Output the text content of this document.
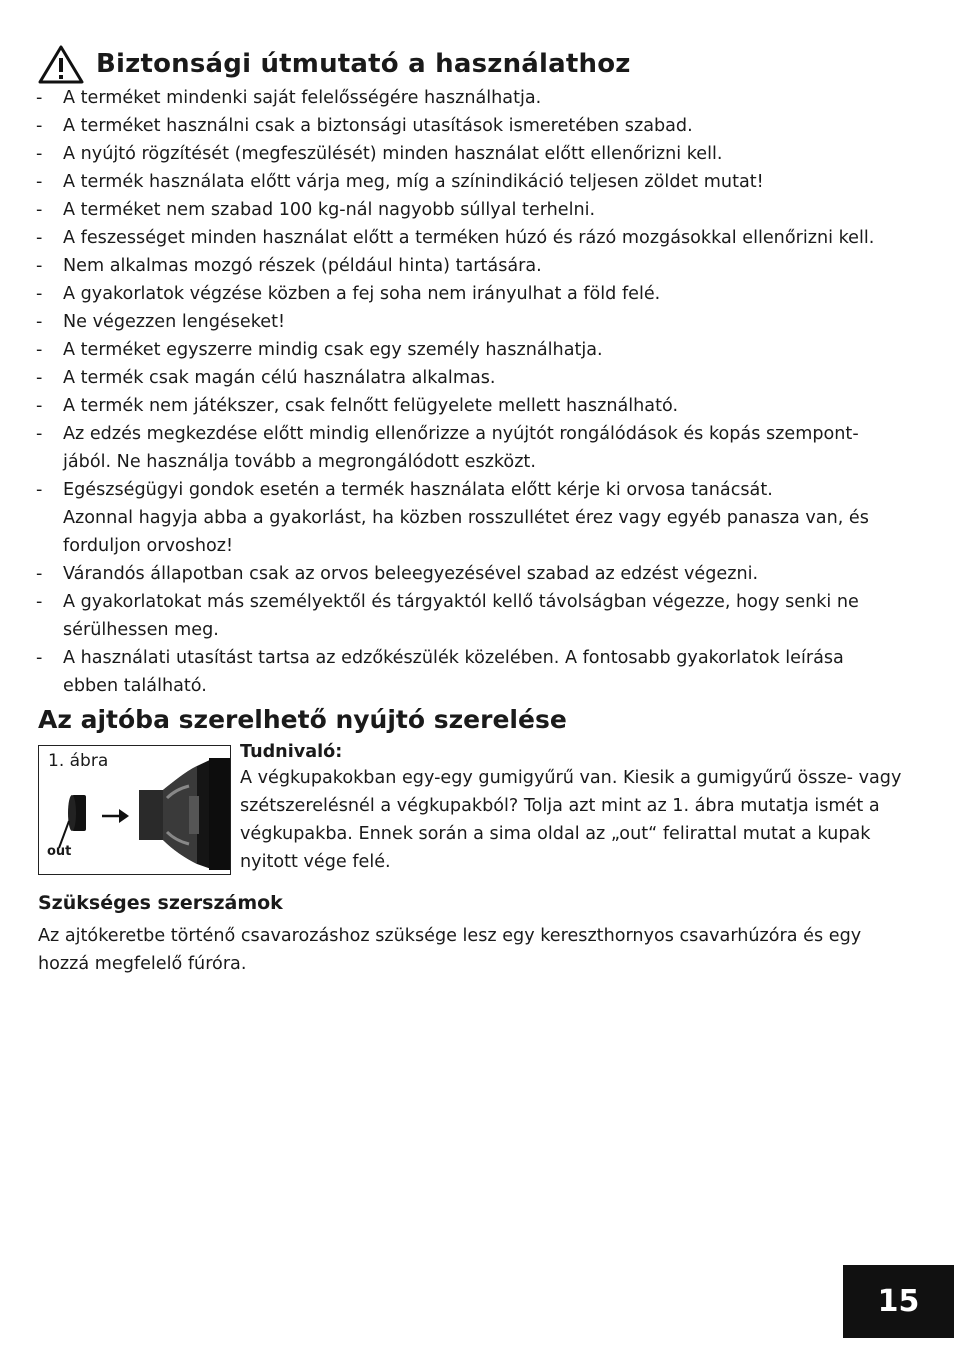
Biztonsági útmutató a használathoz
- A terméket mindenki saját felelősségére használhatja.
- A terméket használni csak a biztonsági utasítások ismeretében szabad.
- A nyújtó rögzítését (megfeszülését) minden használat előtt ellenőrizni kell.
- A termék használata előtt várja meg, míg a színindikáció teljesen zöldet mutat!
- A terméket nem szabad 100 kg-nál nagyobb súllyal terhelni.
- A feszességet minden használat előtt a terméken húzó és rázó mozgásokkal ellenőrizni kell.
- Nem alkalmas mozgó részek (például hinta) tartására.
- A gyakorlatok végzése közben a fej soha nem irányulhat a föld felé.
- Ne végezzen lengéseket!
- A terméket egyszerre mindig csak egy személy használhatja.
- A termék csak magán célú használatra alkalmas.
- A termék nem játékszer, csak felnőtt felügyelete mellett használható.
- Az edzés megkezdése előtt mindig ellenőrizze a nyújtót rongálódások és kopás szempont-
jából. Ne használja tovább a megrongálódott eszközt.
- Egészségügyi gondok esetén a termék használata előtt kérje ki orvosa tanácsát.
Azonnal hagyja abba a gyakorlást, ha közben rosszullétet érez vagy egyéb panasza van, és
forduljon orvoshoz!
- Várandós állapotban csak az orvos beleegyezésével szabad az edzést végezni.
- A gyakorlatokat más személyektől és tárgyaktól kellő távolságban végezze, hogy senki ne
sérülhessen meg.
- A használati utasítást tartsa az edzőkészülék közelében. A fontosabb gyakorlatok leírása
ebben található.
Az ajtóba szerelhető nyújtó szerelése
1. ábra
out
Tudnivaló:
A végkupakokban egy-egy gumigyűrű van. Kiesik a gumigyűrű össze- vagy szétszerelésnél a végkupakból? Tolja azt mint az 1. ábra mutatja ismét a végkupakba. Ennek során a sima oldal az „out“ felirattal mutat a kupak nyitott vége felé.
Szükséges szerszámok

Az ajtókeretbe történő csavarozáshoz szüksége lesz egy kereszthornyos csavarhúzóra és egy hozzá megfelelő fúróra.

15
